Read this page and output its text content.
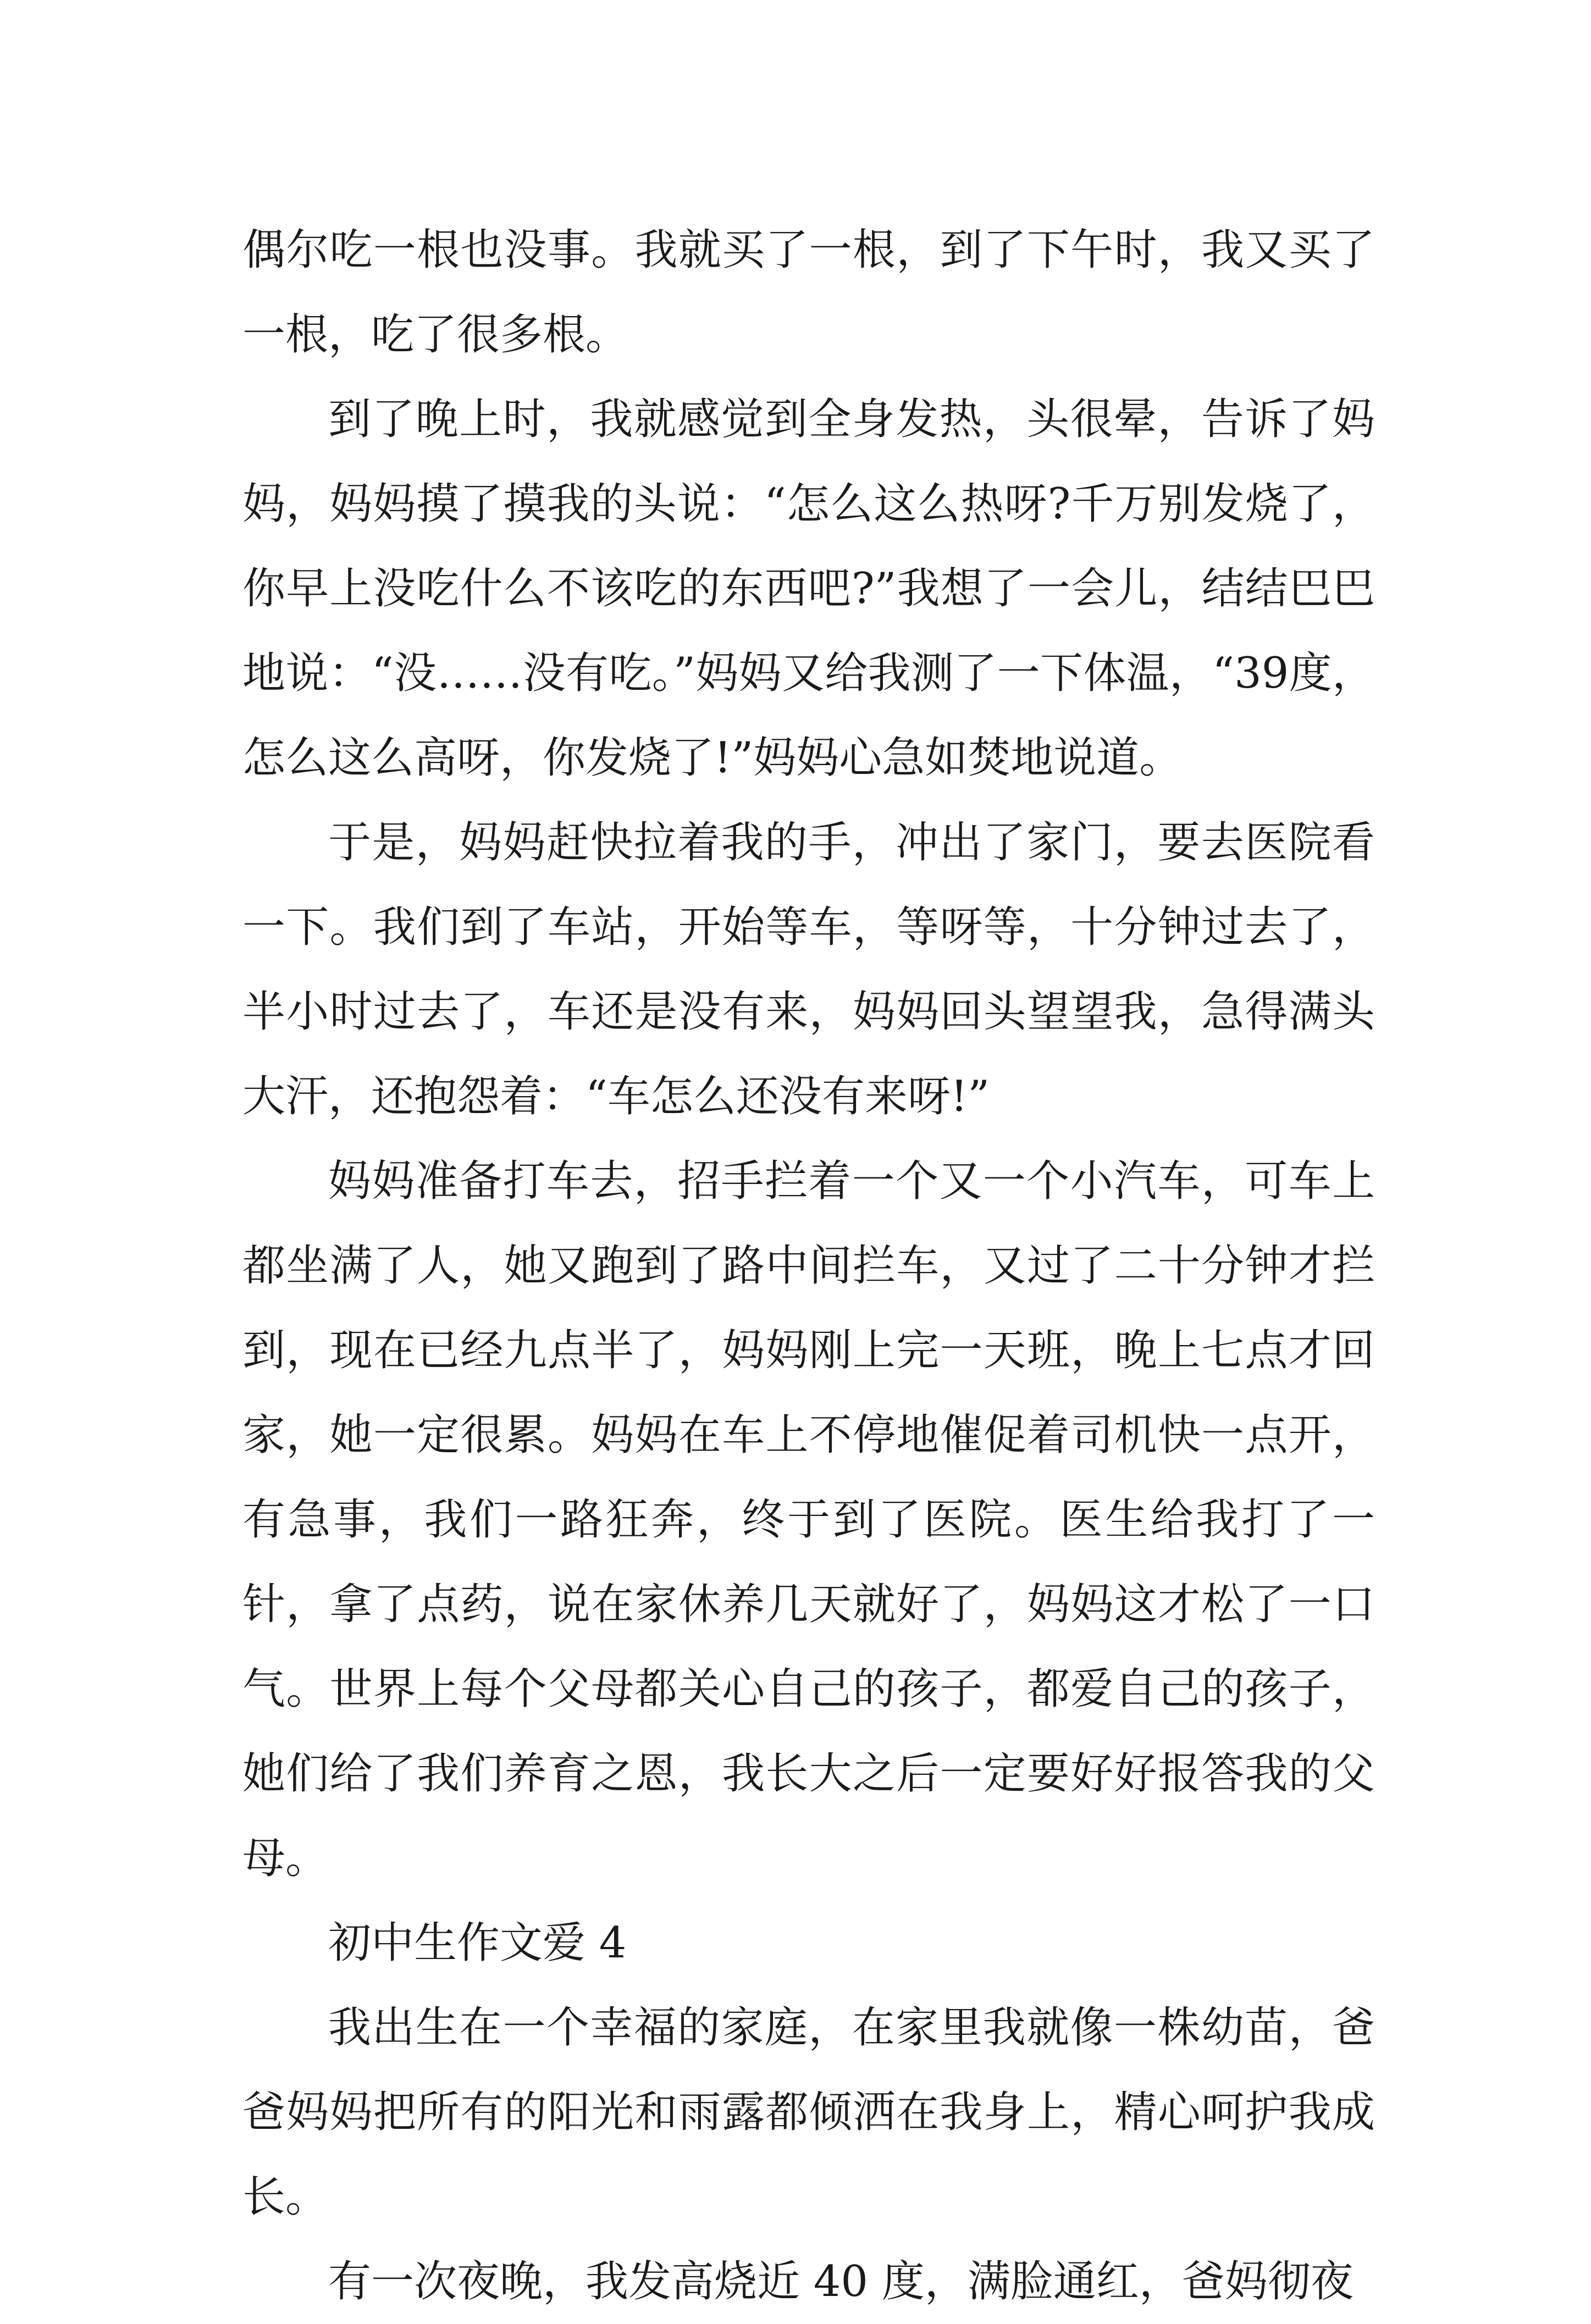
偶尔吃一根也没事。我就买了一根，到了下午时，我又买了一根，吃了很多根。

到了晚上时，我就感觉到全身发热，头很晕，告诉了妈妈，妈妈摸了摸我的头说：“怎么这么热呀?千万别发烧了，你早上没吃什么不该吃的东西吧?”我想了一会儿，结结巴巴地说：“没……没有吃。”妈妈又给我测了一下体温，“39度，怎么这么高呀，你发烧了!”妈妈心急如焚地说道。

于是，妈妈赶快拉着我的手，冲出了家门，要去医院看一下。我们到了车站，开始等车，等呀等，十分钟过去了，半小时过去了，车还是没有来，妈妈回头望望我，急得满头大汗，还抱怨着：“车怎么还没有来呀!”

妈妈准备打车去，招手拦着一个又一个小汽车，可车上都坐满了人，她又跑到了路中间拦车，又过了二十分钟才拦到，现在已经九点半了，妈妈刚上完一天班，晚上七点才回家，她一定很累。妈妈在车上不停地催促着司机快一点开，有急事，我们一路狂奔，终于到了医院。医生给我打了一针，拿了点药，说在家休养几天就好了，妈妈这才松了一口气。世界上每个父母都关心自己的孩子，都爱自己的孩子，她们给了我们养育之恩，我长大之后一定要好好报答我的父母。

初中生作文爱 4

我出生在一个幸福的家庭，在家里我就像一株幼苗，爸爸妈妈把所有的阳光和雨露都倾洒在我身上，精心呵护我成长。

有一次夜晚，我发高烧近 40 度，满脸通红，爸妈彻夜
